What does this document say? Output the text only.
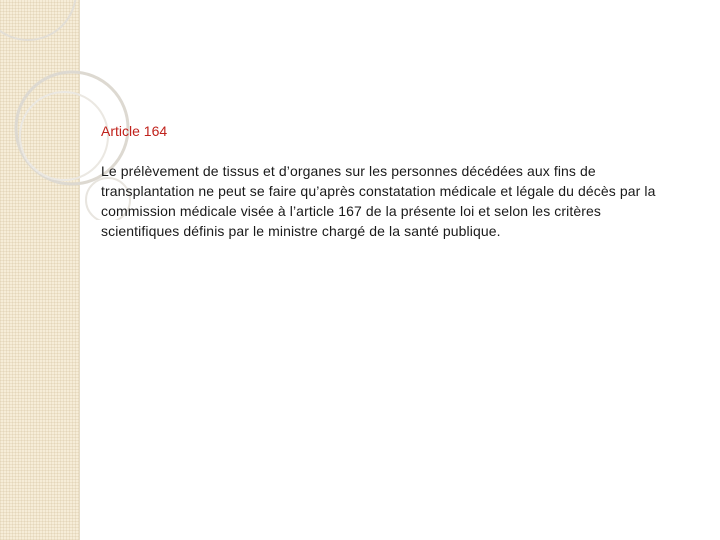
Article 164

Le prélèvement de tissus et d’organes sur les personnes décédées aux fins de transplantation ne peut se faire qu’après constatation médicale et légale du décès par la commission médicale visée à l’article 167 de la présente loi et selon les critères scientifiques définis par le ministre chargé de la santé publique.
